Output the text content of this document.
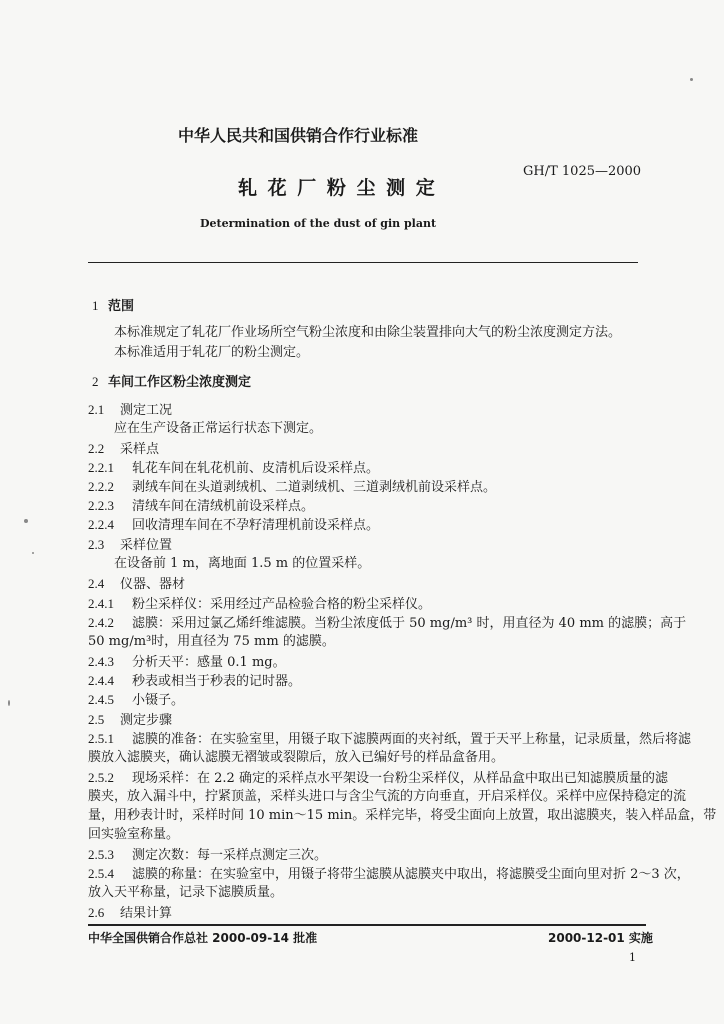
中华人民共和国供销合作行业标准
GH/T 1025—2000
轧 花 厂 粉 尘 测 定
Determination of the dust of gin plant
1 范围
本标准规定了轧花厂作业场所空气粉尘浓度和由除尘装置排向大气的粉尘浓度测定方法。
本标准适用于轧花厂的粉尘测定。
2 车间工作区粉尘浓度测定
2.1 测定工况
应在生产设备正常运行状态下测定。
2.2 采样点
2.2.1 轧花车间在轧花机前、皮清机后设采样点。
2.2.2 剥绒车间在头道剥绒机、二道剥绒机、三道剥绒机前设采样点。
2.2.3 清绒车间在清绒机前设采样点。
2.2.4 回收清理车间在不孕籽清理机前设采样点。
2.3 采样位置
在设备前 1 m，离地面 1.5 m 的位置采样。
2.4 仪器、器材
2.4.1 粉尘采样仪：采用经过产品检验合格的粉尘采样仪。
2.4.2 滤膜：采用过氯乙烯纤维滤膜。当粉尘浓度低于 50 mg/m³ 时，用直径为 40 mm 的滤膜；高于
50 mg/m³时，用直径为 75 mm 的滤膜。
2.4.3 分析天平：感量 0.1 mg。
2.4.4 秒表或相当于秒表的记时器。
2.4.5 小镊子。
2.5 测定步骤
2.5.1 滤膜的准备：在实验室里，用镊子取下滤膜两面的夹衬纸，置于天平上称量，记录质量，然后将滤
膜放入滤膜夹，确认滤膜无褶皱或裂隙后，放入已编好号的样品盒备用。
2.5.2 现场采样：在 2.2 确定的采样点水平架设一台粉尘采样仪，从样品盒中取出已知滤膜质量的滤
膜夹，放入漏斗中，拧紧顶盖，采样头进口与含尘气流的方向垂直，开启采样仪。采样中应保持稳定的流
量，用秒表计时，采样时间 10 min～15 min。采样完毕，将受尘面向上放置，取出滤膜夹，装入样品盒，带
回实验室称量。
2.5.3 测定次数：每一采样点测定三次。
2.5.4 滤膜的称量：在实验室中，用镊子将带尘滤膜从滤膜夹中取出，将滤膜受尘面向里对折 2～3 次，
放入天平称量，记录下滤膜质量。
2.6 结果计算
中华全国供销合作总社 2000-09-14 批准	2000-12-01 实施
1
